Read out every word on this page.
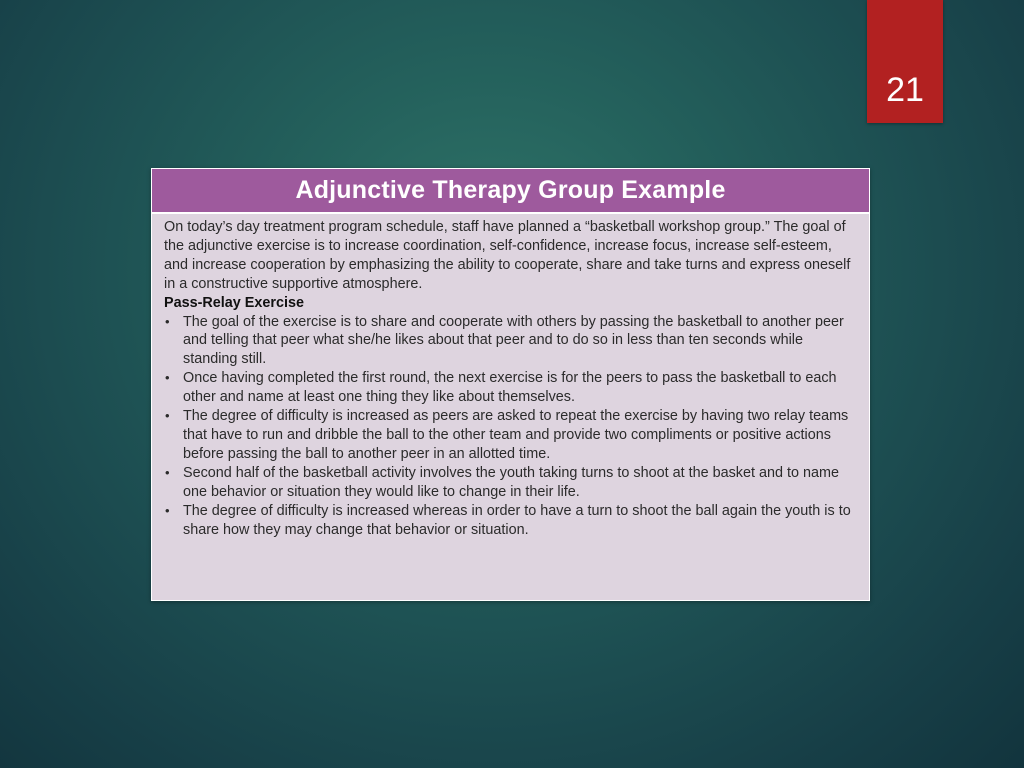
21
Adjunctive Therapy Group Example

On today’s day treatment program schedule, staff have planned a “basketball workshop group.” The goal of the adjunctive exercise is to increase coordination, self-confidence, increase focus, increase self-esteem, and increase cooperation by emphasizing the ability to cooperate, share and take turns and express oneself in a constructive supportive atmosphere.

Pass-Relay Exercise

• The goal of the exercise is to share and cooperate with others by passing the basketball to another peer and telling that peer what she/he likes about that peer and to do so in less than ten seconds while standing still.
• Once having completed the first round, the next exercise is for the peers to pass the basketball to each other and name at least one thing they like about themselves.
• The degree of difficulty is increased as peers are asked to repeat the exercise by having two relay teams that have to run and dribble the ball to the other team and provide two compliments or positive actions before passing the ball to another peer in an allotted time.
• Second half of the basketball activity involves the youth taking turns to shoot at the basket and to name one behavior or situation they would like to change in their life.
• The degree of difficulty is increased whereas in order to have a turn to shoot the ball again the youth is to share how they may change that behavior or situation.
